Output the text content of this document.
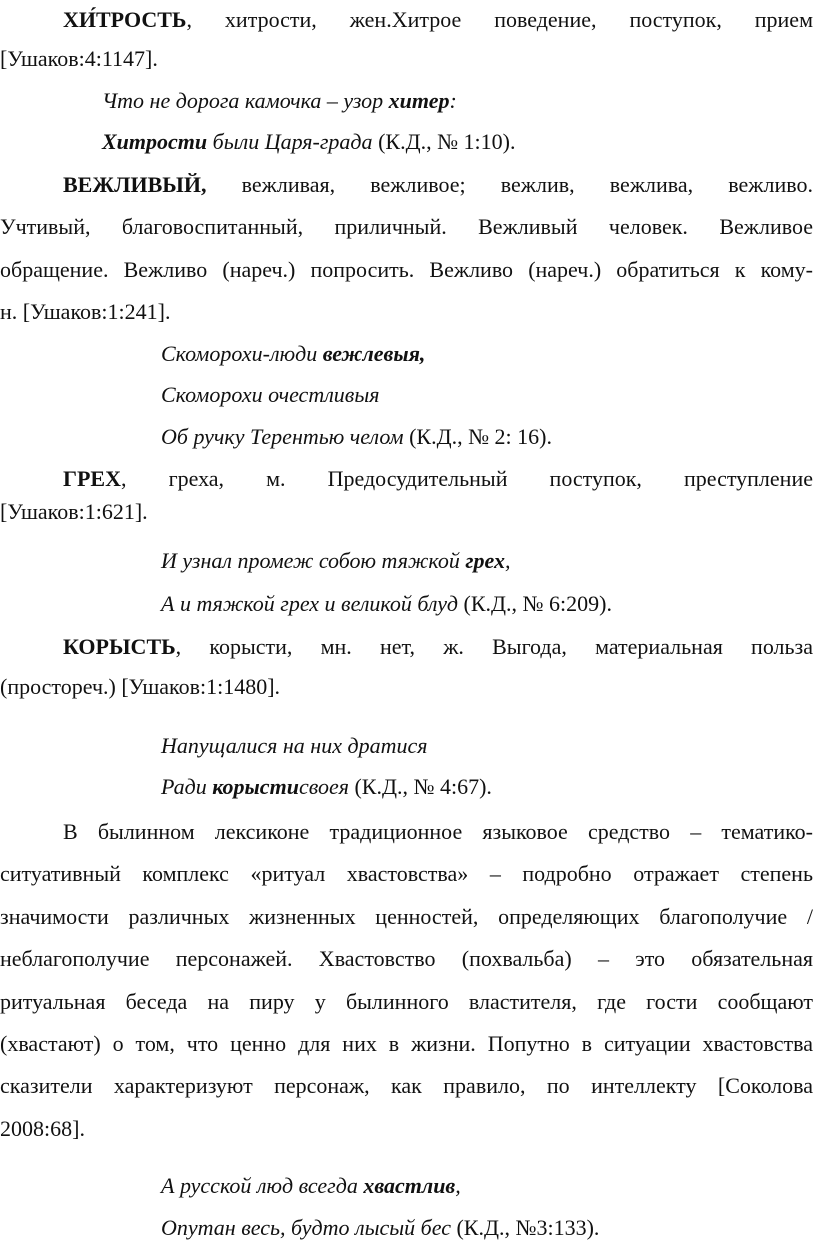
ХИ́ТРОСТЬ, хитрости, жен.Хитрое поведение, поступок, прием
[Ушаков:4:1147].
Что не дорога камочка – узор хитер:
Хитрости были Царя-града (К.Д., № 1:10).
ВЕЖЛИВЫЙ, вежливая, вежливое; вежлив, вежлива, вежливо.
Учтивый, благовоспитанный, приличный. Вежливый человек. Вежливое
обращение. Вежливо (нареч.) попросить. Вежливо (нареч.) обратиться к кому-
н. [Ушаков:1:241].
Скоморохи-люди вежлевыя,
Скоморохи очестливыя
Об ручку Терентью челом (К.Д., № 2: 16).
ГРЕХ, греха, м. Предосудительный поступок, преступление
[Ушаков:1:621].
И узнал промеж собою тяжкой грех,
А и тяжкой грех и великой блуд (К.Д., № 6:209).
КОРЫСТЬ, корысти, мн. нет, ж. Выгода, материальная польза
(простореч.) [Ушаков:1:1480].
Напущалися на них дратися
Ради корыстисвоея (К.Д., № 4:67).
В былинном лексиконе традиционное языковое средство – тематико-
ситуативный комплекс «ритуал хвастовства» – подробно отражает степень
значимости различных жизненных ценностей, определяющих благополучие /
неблагополучие персонажей. Хвастовство (похвальба) – это обязательная
ритуальная беседа на пиру у былинного властителя, где гости сообщают
(хвастают) о том, что ценно для них в жизни. Попутно в ситуации хвастовства
сказители характеризуют персонаж, как правило, по интеллекту [Соколова
2008:68].
А русской люд всегда хвастлив,
Опутан весь, будто лысый бес (К.Д., №3:133).
